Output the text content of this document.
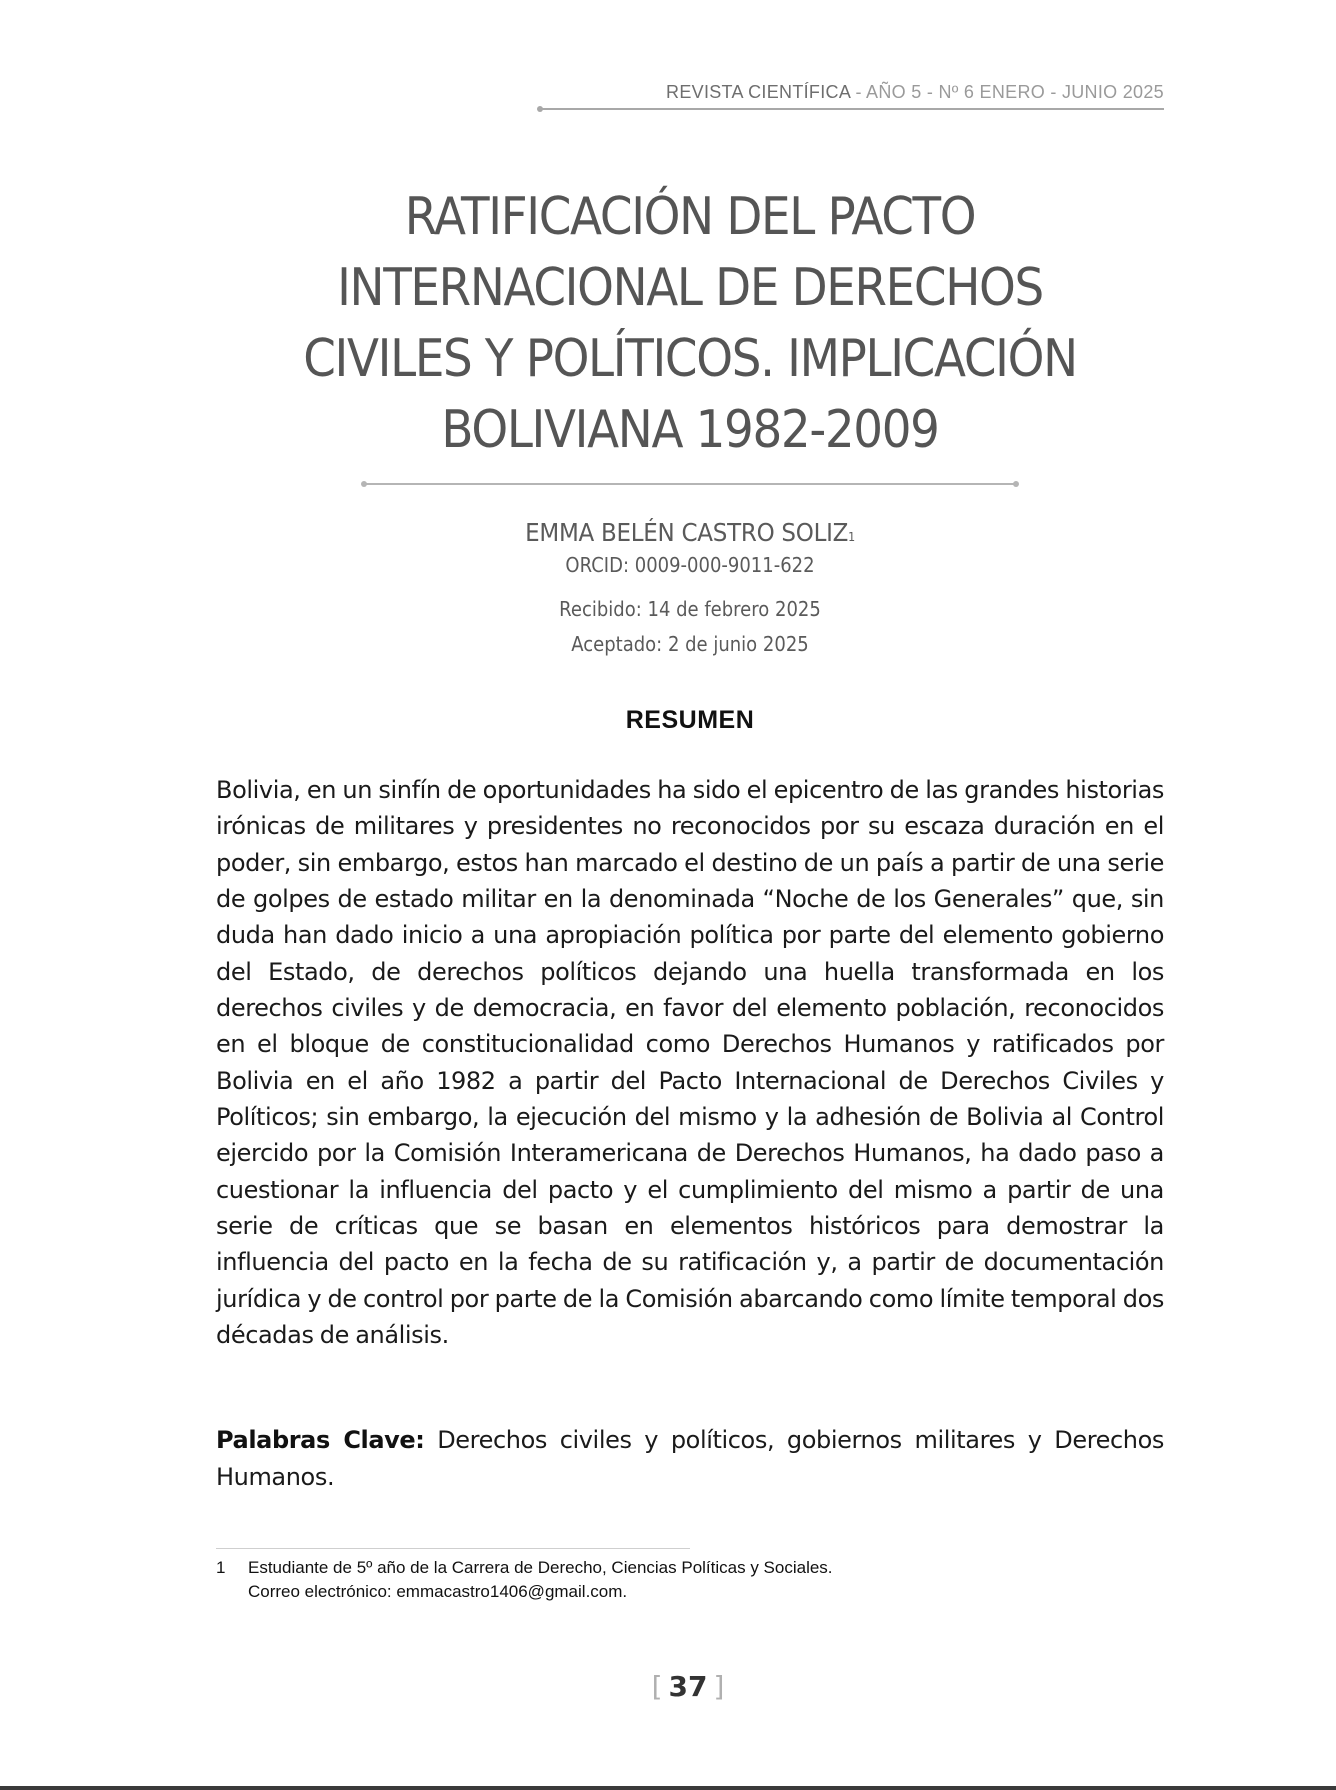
REVISTA CIENTÍFICA - AÑO 5 - Nº 6 ENERO - JUNIO 2025
RATIFICACIÓN DEL PACTO
INTERNACIONAL DE DERECHOS
CIVILES Y POLÍTICOS. IMPLICACIÓN
BOLIVIANA 1982-2009
EMMA BELÉN CASTRO SOLIZ$^1$
ORCID: 0009-000-9011-622
Recibido: 14 de febrero 2025
Aceptado: 2 de junio 2025
RESUMEN

Bolivia, en un sinfín de oportunidades ha sido el epicentro de las grandes historias irónicas de militares y presidentes no reconocidos por su escaza duración en el poder, sin embargo, estos han marcado el destino de un país a partir de una serie de golpes de estado militar en la denominada “Noche de los Generales” que, sin duda han dado inicio a una apropiación política por parte del elemento gobierno del Estado, de derechos políticos dejando una huella transformada en los derechos civiles y de democracia, en favor del elemento población, reconocidos en el bloque de constitucionalidad como Derechos Humanos y ratificados por Bolivia en el año 1982 a partir del Pacto Internacional de Derechos Civiles y Políticos; sin embargo, la ejecución del mismo y la adhesión de Bolivia al Control ejercido por la Comisión Interamericana de Derechos Humanos, ha dado paso a cuestionar la influencia del pacto y el cumplimiento del mismo a partir de una serie de críticas que se basan en elementos históricos para demostrar la influencia del pacto en la fecha de su ratificación y, a partir de documentación jurídica y de control por parte de la Comisión abarcando como límite temporal dos décadas de análisis.

Palabras Clave: Derechos civiles y políticos, gobiernos militares y Derechos Humanos.

1 Estudiante de 5º año de la Carrera de Derecho, Ciencias Políticas y Sociales.
Correo electrónico: emmacastro1406@gmail.com.
[ 37 ]
